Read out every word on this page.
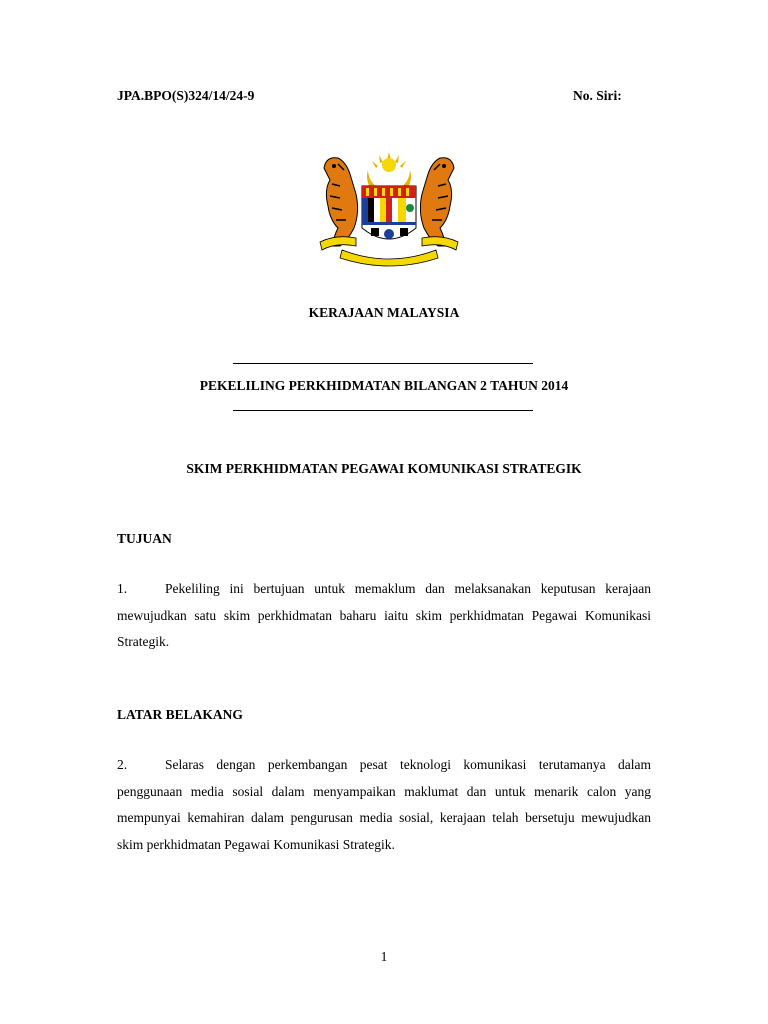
JPA.BPO(S)324/14/24-9	No. Siri:
KERAJAAN MALAYSIA
PEKELILING PERKHIDMATAN BILANGAN 2 TAHUN 2014
SKIM PERKHIDMATAN PEGAWAI KOMUNIKASI STRATEGIK
TUJUAN
1.	Pekeliling ini bertujuan untuk memaklum dan melaksanakan keputusan kerajaan mewujudkan satu skim perkhidmatan baharu iaitu skim perkhidmatan Pegawai Komunikasi Strategik.
LATAR BELAKANG
2.	Selaras dengan perkembangan pesat teknologi komunikasi terutamanya dalam penggunaan media sosial dalam menyampaikan maklumat dan untuk menarik calon yang mempunyai kemahiran dalam pengurusan media sosial, kerajaan telah bersetuju mewujudkan skim perkhidmatan Pegawai Komunikasi Strategik.
1
